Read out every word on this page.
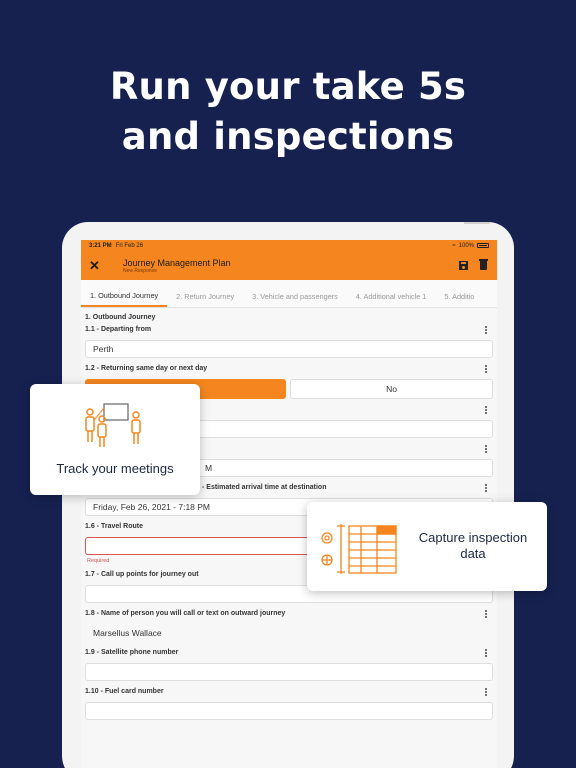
Run your take 5s
and inspections
3:21 PM Fri Feb 26	≈ 100%
✕	Journey Management Plan
New Response
1. Outbound Journey	2. Return Journey	3. Vehicle and passengers	4. Additional vehicle 1	5. Additio
1. Outbound Journey
1.1 - Departing from
Perth
1.2 - Returning same day or next day
No
M
- Estimated arrival time at destination
Friday, Feb 26, 2021 - 7:18 PM
1.6 - Travel Route
Required
1.7 - Call up points for journey out
1.8 - Name of person you will call or text on outward journey
Marsellus Wallace
1.9 - Satellite phone number
1.10 - Fuel card number
Track your meetings
Capture inspection data
